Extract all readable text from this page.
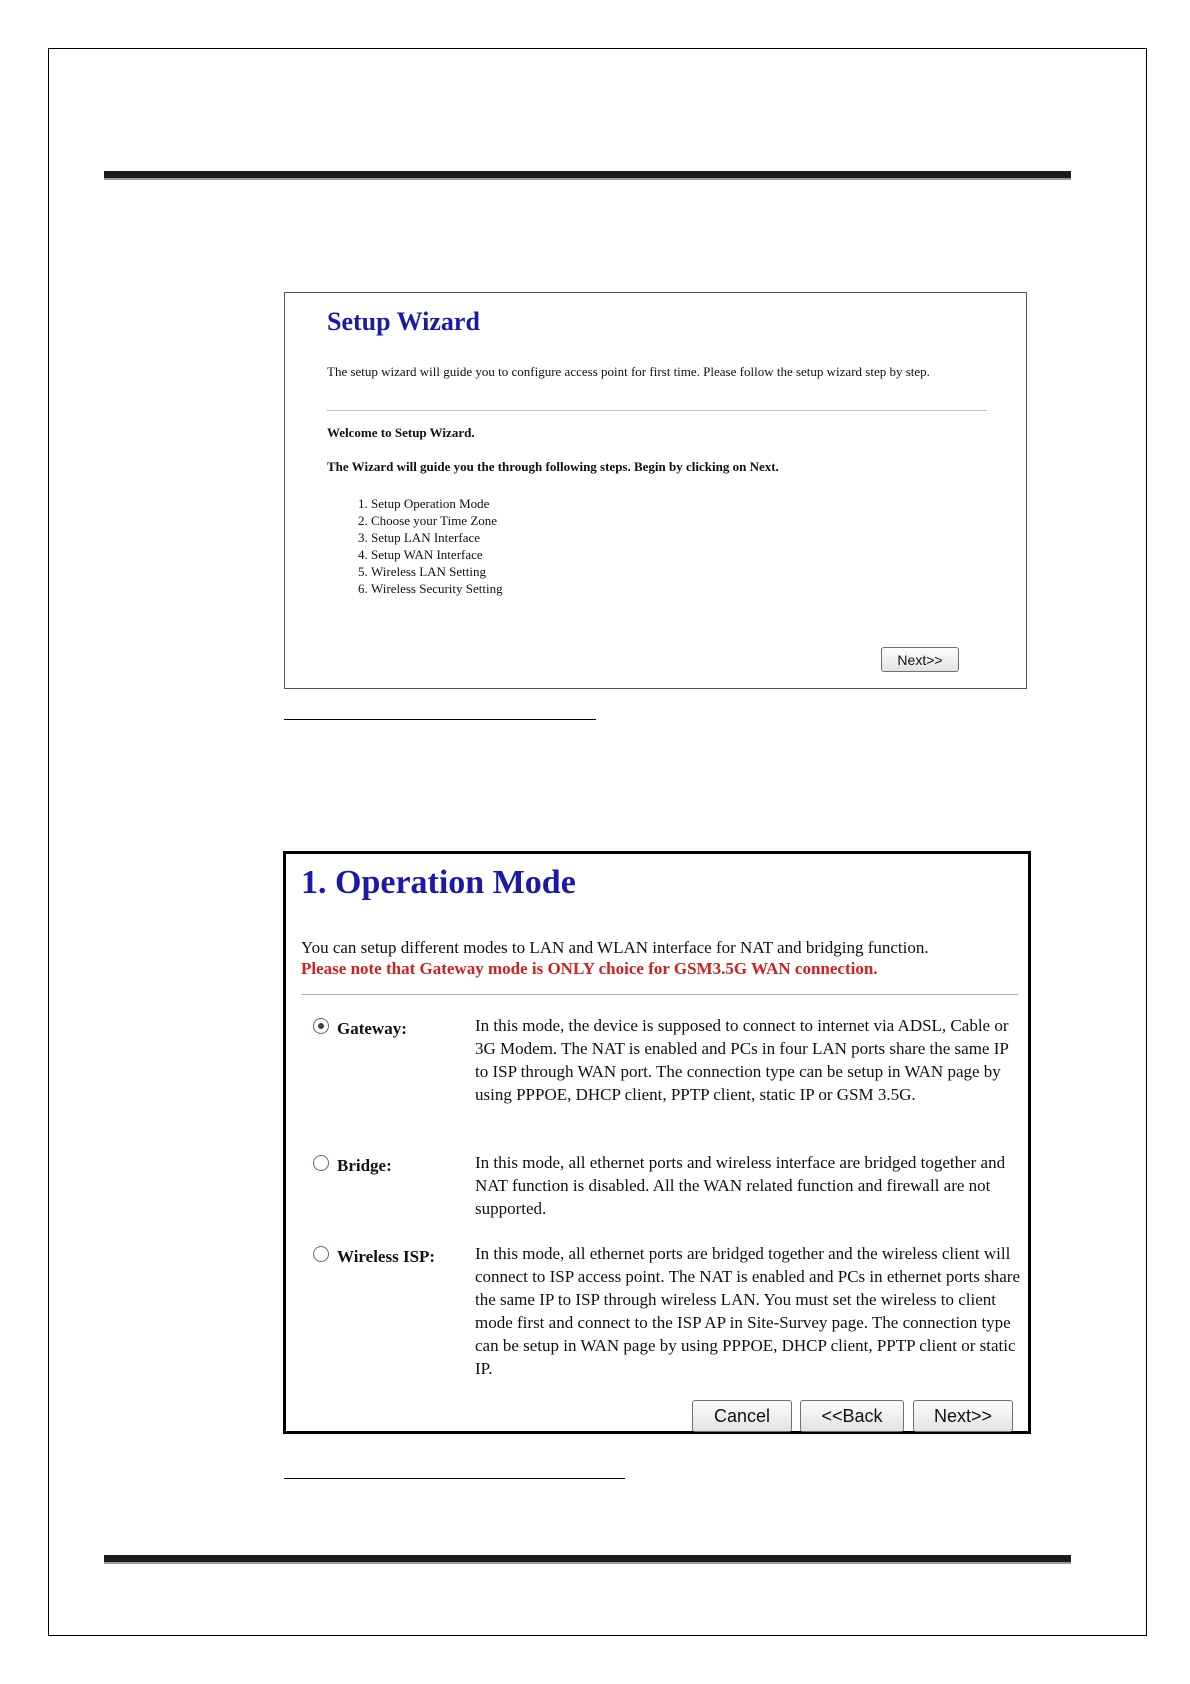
Setup Wizard

The setup wizard will guide you to configure access point for first time. Please follow the setup wizard step by step.

Welcome to Setup Wizard.

The Wizard will guide you the through following steps. Begin by clicking on Next.

1. Setup Operation Mode
2. Choose your Time Zone
3. Setup LAN Interface
4. Setup WAN Interface
5. Wireless LAN Setting
6. Wireless Security Setting
Next>>
1. Operation Mode

You can setup different modes to LAN and WLAN interface for NAT and bridging function.

Please note that Gateway mode is ONLY choice for GSM3.5G WAN connection.

Gateway:	In this mode, the device is supposed to connect to internet via ADSL, Cable or 3G Modem. The NAT is enabled and PCs in four LAN ports share the same IP to ISP through WAN port. The connection type can be setup in WAN page by using PPPOE, DHCP client, PPTP client, static IP or GSM 3.5G.

Bridge:	In this mode, all ethernet ports and wireless interface are bridged together and NAT function is disabled. All the WAN related function and firewall are not supported.

Wireless ISP: In this mode, all ethernet ports are bridged together and the wireless client will connect to ISP access point. The NAT is enabled and PCs in ethernet ports share the same IP to ISP through wireless LAN. You must set the wireless to client mode first and connect to the ISP AP in Site-Survey page. The connection type can be setup in WAN page by using PPPOE, DHCP client, PPTP client or static IP.

Cancel	<<Back	Next>>
